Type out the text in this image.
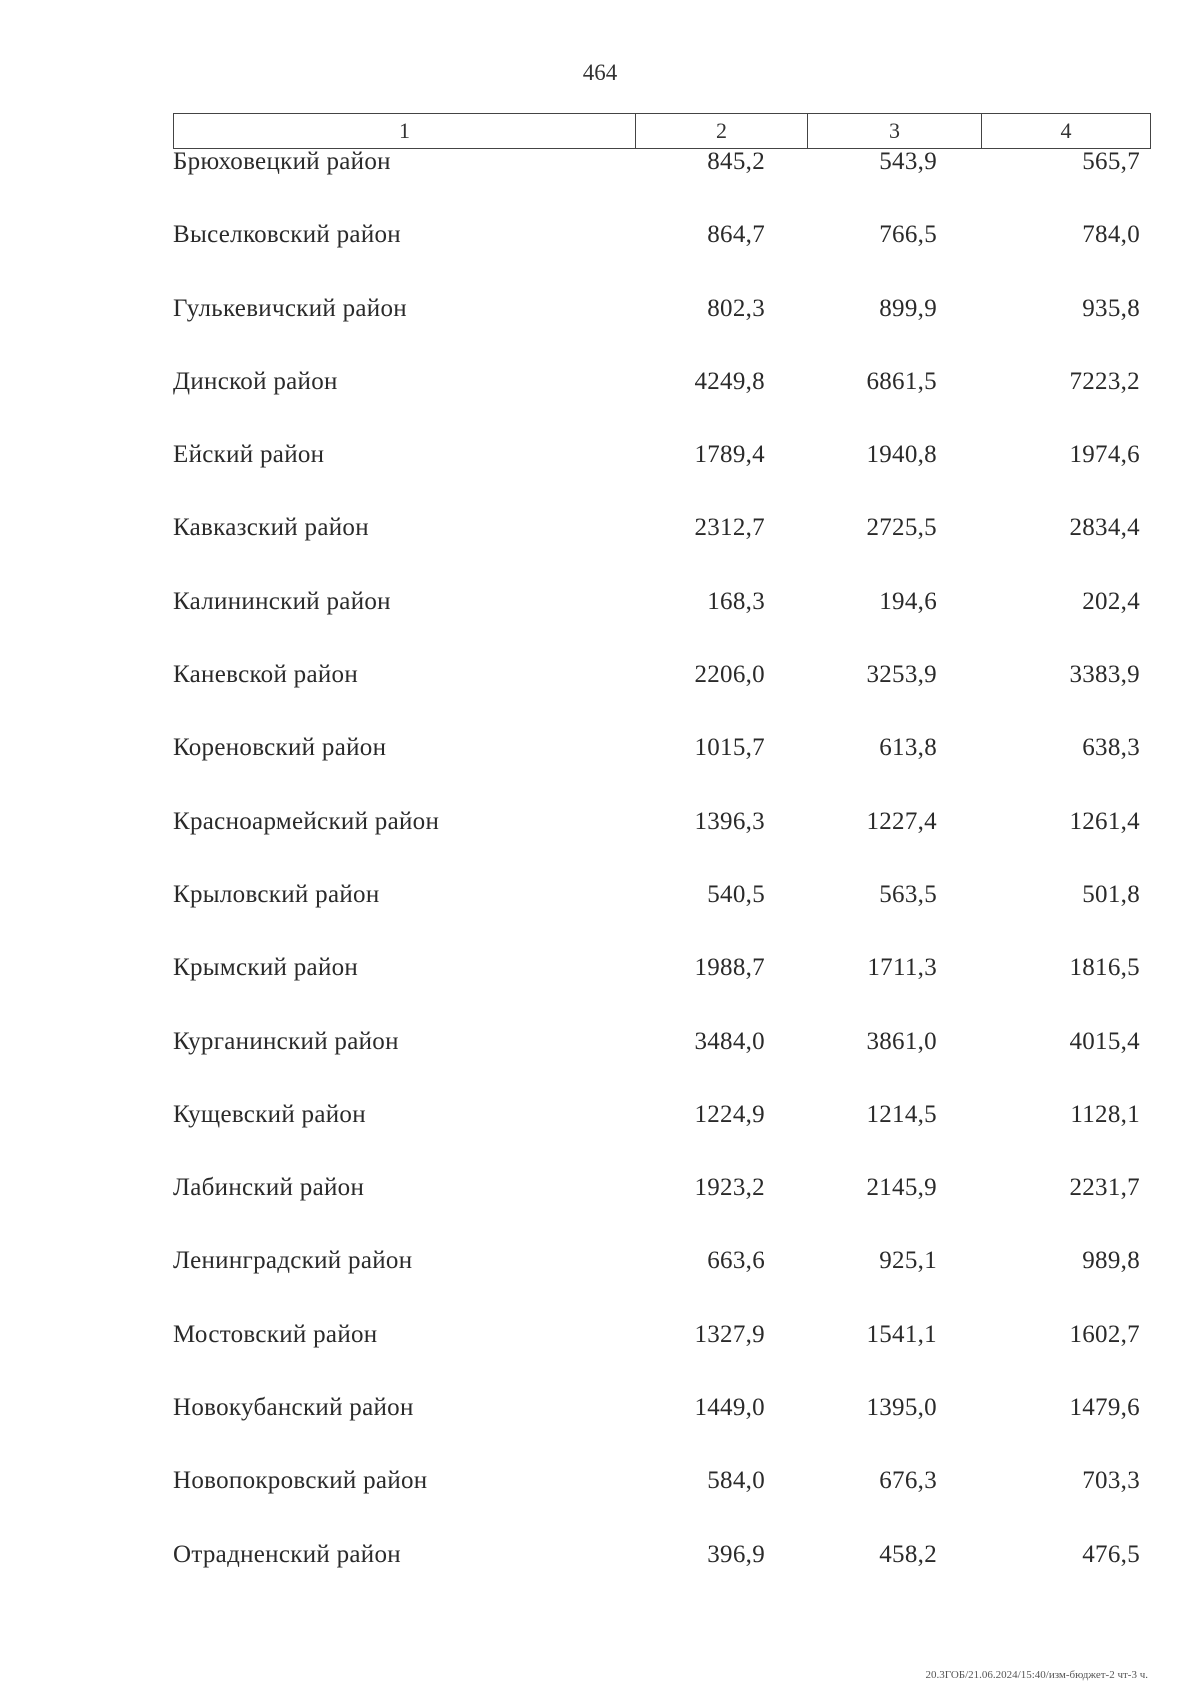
464
1	2	3	4
Брюховецкий район	845,2	543,9	565,7
Выселковский район	864,7	766,5	784,0
Гулькевичский район	802,3	899,9	935,8
Динской район	4249,8	6861,5	7223,2
Ейский район	1789,4	1940,8	1974,6
Кавказский район	2312,7	2725,5	2834,4
Калининский район	168,3	194,6	202,4
Каневской район	2206,0	3253,9	3383,9
Кореновский район	1015,7	613,8	638,3
Красноармейский район	1396,3	1227,4	1261,4
Крыловский район	540,5	563,5	501,8
Крымский район	1988,7	1711,3	1816,5
Курганинский район	3484,0	3861,0	4015,4
Кущевский район	1224,9	1214,5	1128,1
Лабинский район	1923,2	2145,9	2231,7
Ленинградский район	663,6	925,1	989,8
Мостовский район	1327,9	1541,1	1602,7
Новокубанский район	1449,0	1395,0	1479,6
Новопокровский район	584,0	676,3	703,3
Отрадненский район	396,9	458,2	476,5
20.3ГОБ/21.06.2024/15:40/изм-бюджет-2 чт-3 ч.
